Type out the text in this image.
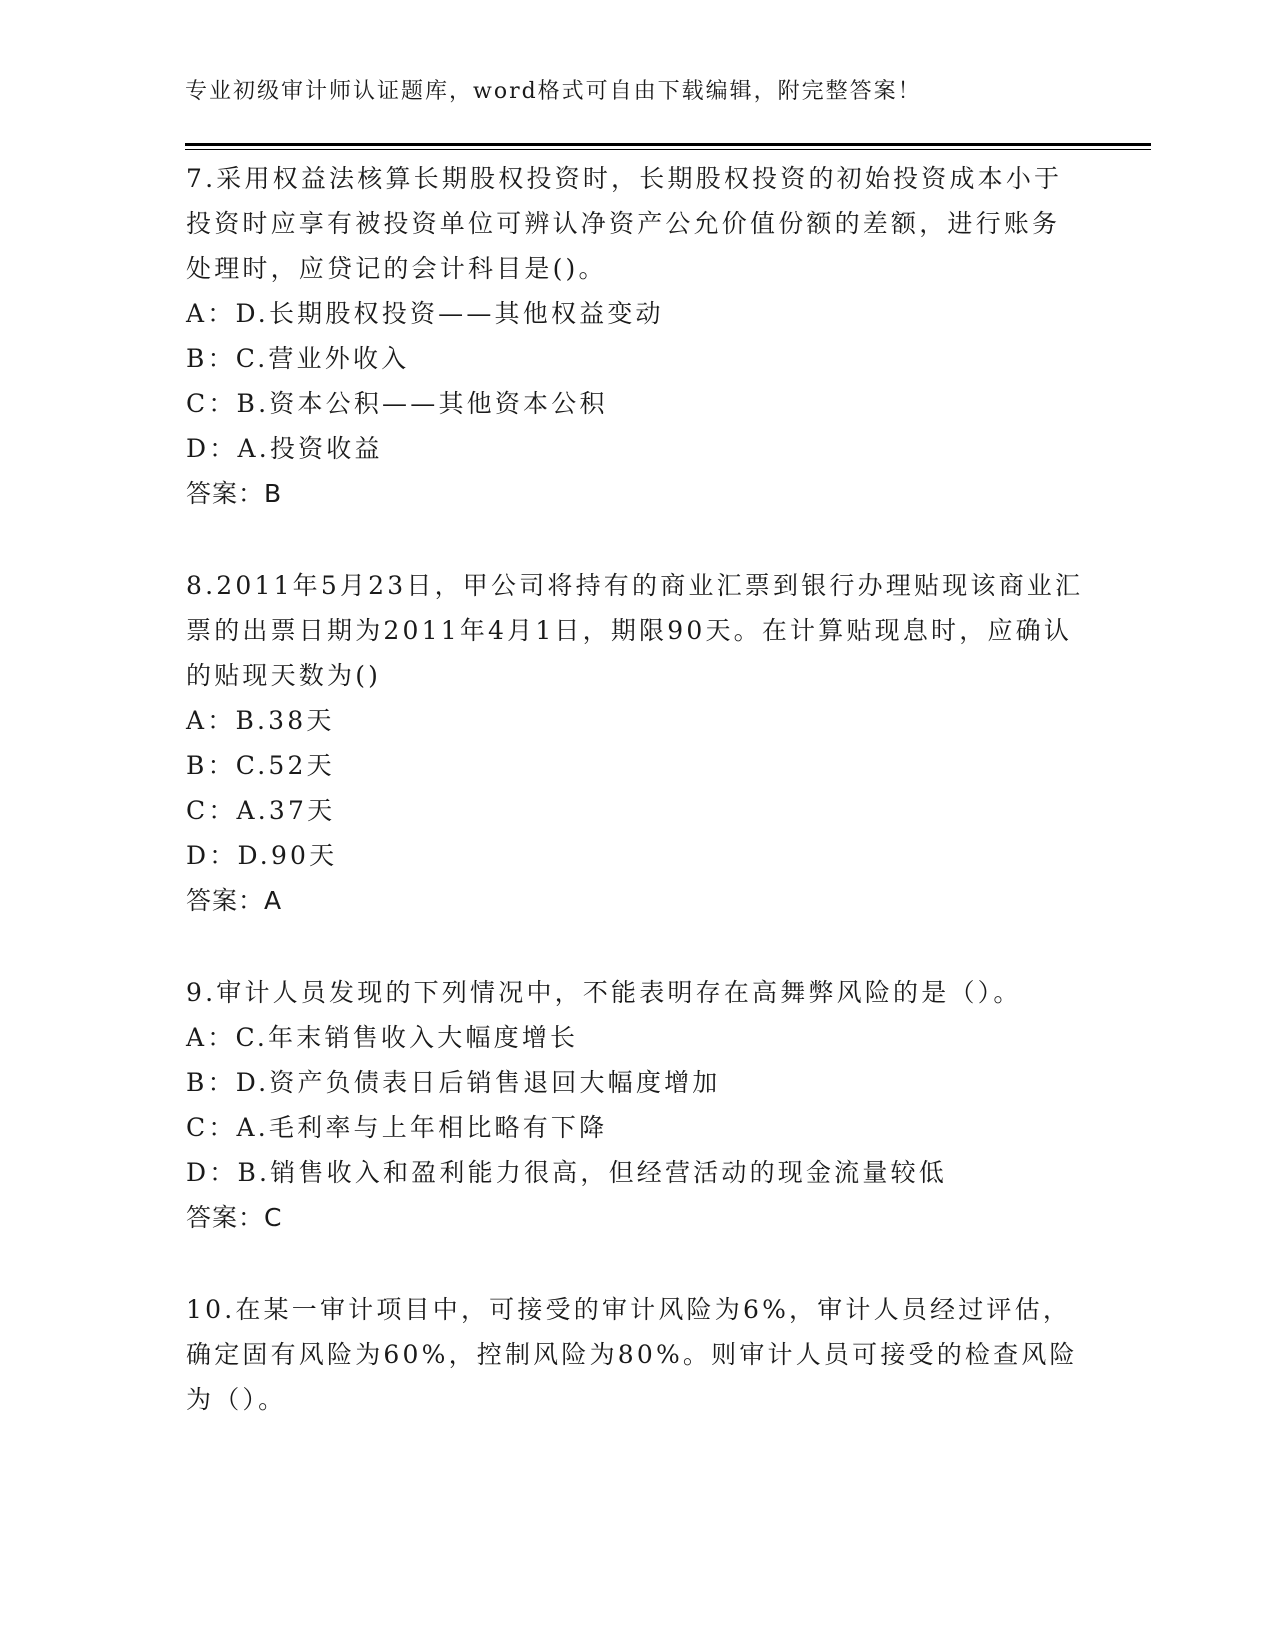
专业初级审计师认证题库，word格式可自由下载编辑，附完整答案！

7.采用权益法核算长期股权投资时，长期股权投资的初始投资成本小于投资时应享有被投资单位可辨认净资产公允价值份额的差额，进行账务处理时，应贷记的会计科目是()。

A：D.长期股权投资——其他权益变动
B：C.营业外收入
C：B.资本公积——其他资本公积
D：A.投资收益
答案：B

8.2011年5月23日，甲公司将持有的商业汇票到银行办理贴现该商业汇票的出票日期为2011年4月1日，期限90天。在计算贴现息时，应确认的贴现天数为()

A：B.38天
B：C.52天
C：A.37天
D：D.90天
答案：A

9.审计人员发现的下列情况中，不能表明存在高舞弊风险的是（）。

A：C.年末销售收入大幅度增长
B：D.资产负债表日后销售退回大幅度增加
C：A.毛利率与上年相比略有下降
D：B.销售收入和盈利能力很高，但经营活动的现金流量较低
答案：C

10.在某一审计项目中，可接受的审计风险为6%，审计人员经过评估，确定固有风险为60%，控制风险为80%。则审计人员可接受的检查风险为（）。
